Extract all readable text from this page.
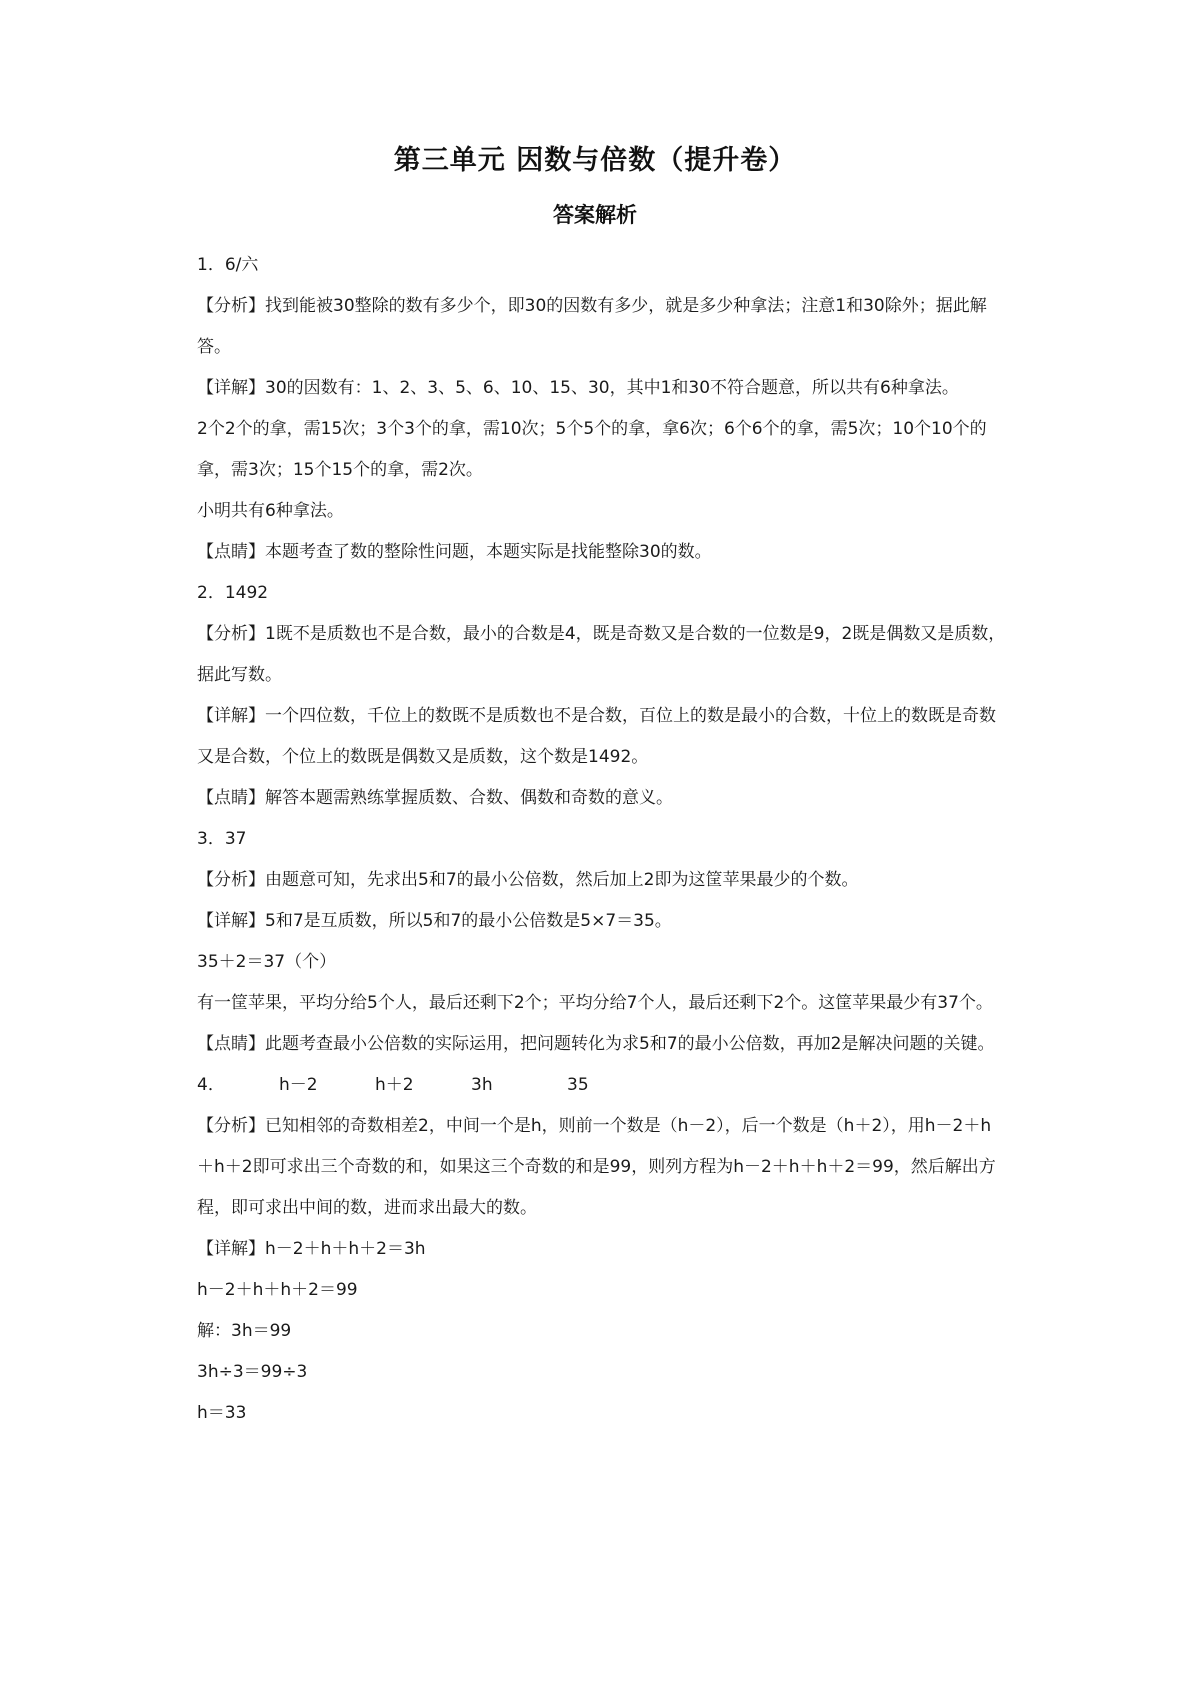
第三单元 因数与倍数（提升卷）
答案解析

1．6/六

【分析】找到能被30整除的数有多少个，即30的因数有多少，就是多少种拿法；注意1和30除外；据此解答。

【详解】30的因数有：1、2、3、5、6、10、15、30，其中1和30不符合题意，所以共有6种拿法。

2个2个的拿，需15次；3个3个的拿，需10次；5个5个的拿，拿6次；6个6个的拿，需5次；10个10个的拿，需3次；15个15个的拿，需2次。

小明共有6种拿法。

【点睛】本题考查了数的整除性问题，本题实际是找能整除30的数。

2．1492

【分析】1既不是质数也不是合数，最小的合数是4，既是奇数又是合数的一位数是9，2既是偶数又是质数，据此写数。

【详解】一个四位数，千位上的数既不是质数也不是合数，百位上的数是最小的合数，十位上的数既是奇数又是合数，个位上的数既是偶数又是质数，这个数是1492。

【点睛】解答本题需熟练掌握质数、合数、偶数和奇数的意义。

3．37

【分析】由题意可知，先求出5和7的最小公倍数，然后加上2即为这筐苹果最少的个数。

【详解】5和7是互质数，所以5和7的最小公倍数是5×7＝35。

35＋2＝37（个）

有一筐苹果，平均分给5个人，最后还剩下2个；平均分给7个人，最后还剩下2个。这筐苹果最少有37个。

【点睛】此题考查最小公倍数的实际运用，把问题转化为求5和7的最小公倍数，再加2是解决问题的关键。

4．	h－2	h＋2	3h	35

【分析】已知相邻的奇数相差2，中间一个是h，则前一个数是（h－2），后一个数是（h＋2），用h－2＋h＋h＋2即可求出三个奇数的和，如果这三个奇数的和是99，则列方程为h－2＋h＋h＋2＝99，然后解出方程，即可求出中间的数，进而求出最大的数。

【详解】h－2＋h＋h＋2＝3h

h－2＋h＋h＋2＝99

解：3h＝99

3h÷3＝99÷3

h＝33
